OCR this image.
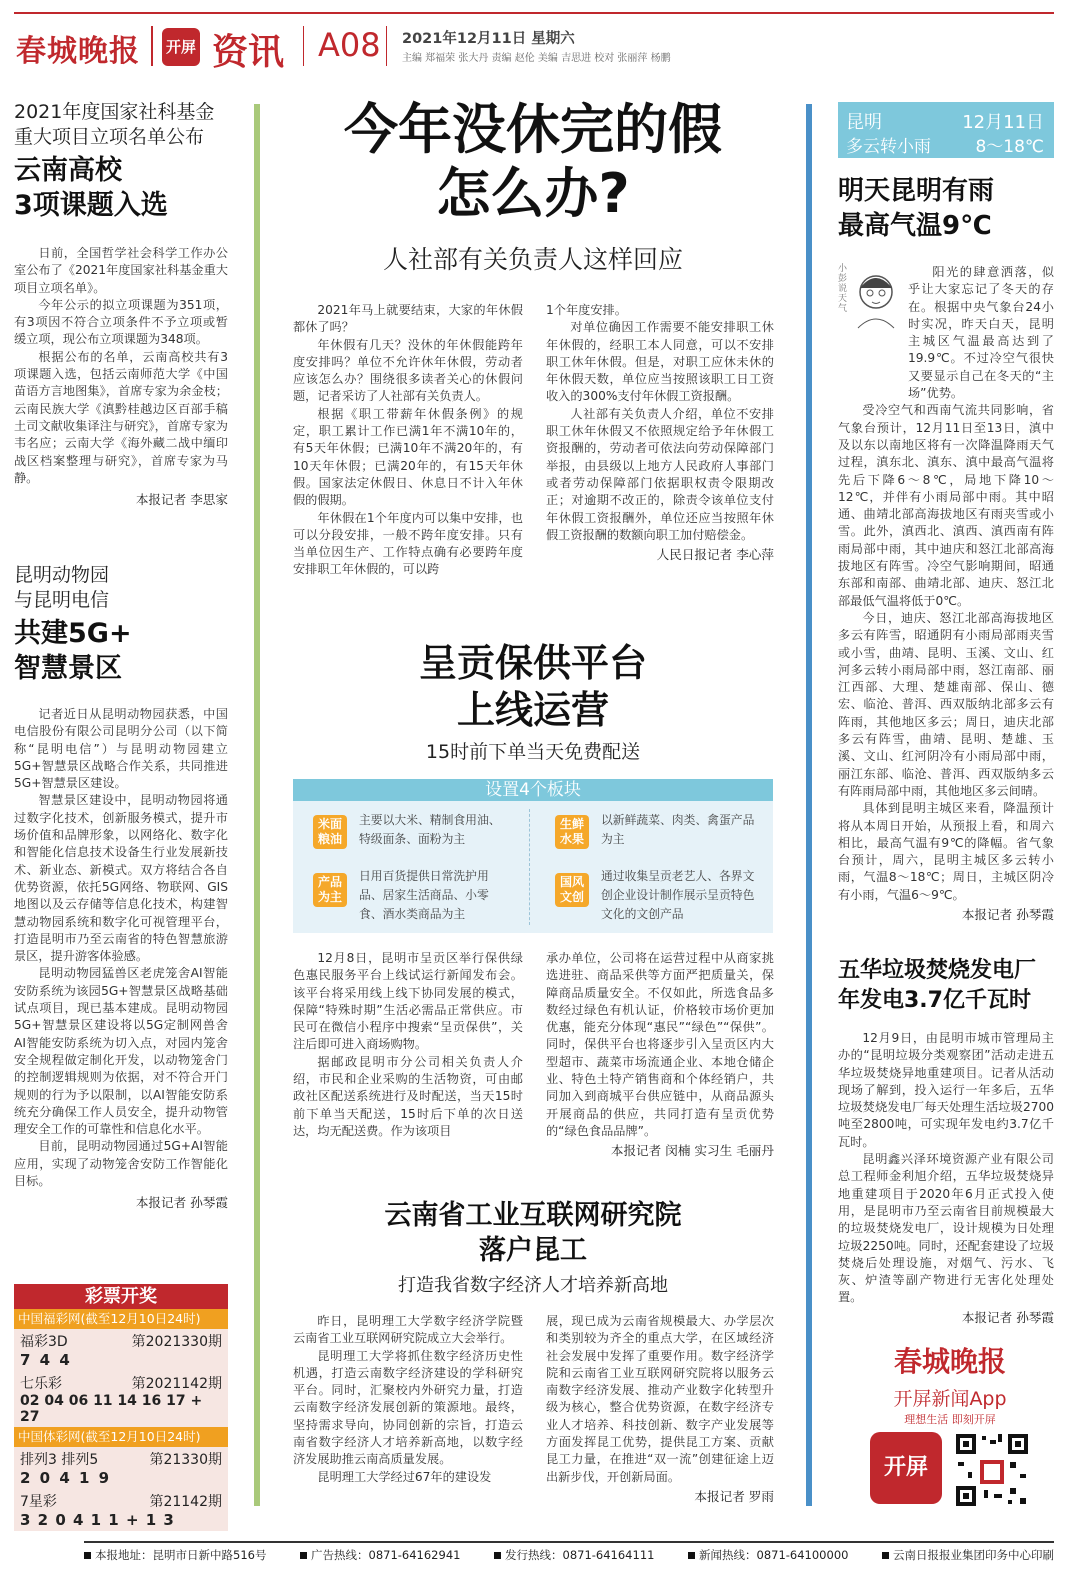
春城晚报 开屏 资讯 A08 2021年12月11日 星期六
主编 郑福荣 张大丹 责编 赵伦 美编 吉思进 校对 张丽萍 杨鹏
2021年度国家社科基金
重大项目立项名单公布
云南高校
3项课题入选

日前，全国哲学社会科学工作办公室公布了《2021年度国家社科基金重大项目立项名单》。

今年公示的拟立项课题为351项，有3项因不符合立项条件不予立项或暂缓立项，现公布立项课题为348项。

根据公布的名单，云南高校共有3项课题入选，包括云南师范大学《中国苗语方言地图集》，首席专家为余金枝；云南民族大学《滇黔桂越边区百部手稿土司文献收集译注与研究》，首席专家为韦名应；云南大学《海外藏二战中缅印战区档案整理与研究》，首席专家为马静。

本报记者 李思家
昆明动物园
与昆明电信
共建5G+
智慧景区

记者近日从昆明动物园获悉，中国电信股份有限公司昆明分公司（以下简称“昆明电信”）与昆明动物园建立5G+智慧景区战略合作关系，共同推进5G+智慧景区建设。

智慧景区建设中，昆明动物园将通过数字化技术，创新服务模式，提升市场价值和品牌形象，以网络化、数字化和智能化信息技术设备生行业发展新技术、新业态、新模式。双方将结合各自优势资源，依托5G网络、物联网、GIS地图以及云存储等信息化技术，构建智慧动物园系统和数字化可视管理平台，打造昆明市乃至云南省的特色智慧旅游景区，提升游客体验感。

昆明动物园猛兽区老虎笼舍AI智能安防系统为该园5G+智慧景区战略基础试点项目，现已基本建成。昆明动物园5G+智慧景区建设将以5G定制网兽舍AI智能安防系统为切入点，对园内笼舍安全规程做定制化开发，以动物笼舍门的控制逻辑规则为依据，对不符合开门规则的行为予以限制，以AI智能安防系统充分确保工作人员安全，提升动物管理安全工作的可靠性和信息化水平。

目前，昆明动物园通过5G+AI智能应用，实现了动物笼舍安防工作智能化目标。

本报记者 孙琴霞
彩票开奖
中国福彩网(截至12月10日24时)
福彩3D	第2021330期
7 4 4
七乐彩	第2021142期
02 04 06 11 14 16 17 + 27
中国体彩网(截至12月10日24时)
排列3 排列5	第21330期
2 0 4 1 9
7星彩	第21142期
3 2 0 4 1 1 + 1 3
今年没休完的假
怎么办?
人社部有关负责人这样回应

2021年马上就要结束，大家的年休假都休了吗？

年休假有几天？没休的年休假能跨年度安排吗？单位不允许休年休假，劳动者应该怎么办？围绕很多读者关心的休假问题，记者采访了人社部有关负责人。

根据《职工带薪年休假条例》的规定，职工累计工作已满1年不满10年的，有5天年休假；已满10年不满20年的，有10天年休假；已满20年的，有15天年休假。国家法定休假日、休息日不计入年休假的假期。

年休假在1个年度内可以集中安排，也可以分段安排，一般不跨年度安排。只有当单位因生产、工作特点确有必要跨年度安排职工年休假的，可以跨

1个年度安排。

对单位确因工作需要不能安排职工休年休假的，经职工本人同意，可以不安排职工休年休假。但是，对职工应休未休的年休假天数，单位应当按照该职工日工资收入的300%支付年休假工资报酬。

人社部有关负责人介绍，单位不安排职工休年休假又不依照规定给予年休假工资报酬的，劳动者可依法向劳动保障部门举报，由县级以上地方人民政府人事部门或者劳动保障部门依据职权责令限期改正；对逾期不改正的，除责令该单位支付年休假工资报酬外，单位还应当按照年休假工资报酬的数额向职工加付赔偿金。

人民日报记者 李心萍
呈贡保供平台
上线运营
15时前下单当天免费配送
设置4个板块
米面粮油
主要以大米、精制食用油、特级面条、面粉为主
生鲜水果
以新鲜蔬菜、肉类、禽蛋产品为主
产品为主
日用百货提供日常洗护用品、居家生活商品、小零食、酒水类商品为主
国风文创
通过收集呈贡老艺人、各界文创企业设计制作展示呈贡特色文化的文创产品

12月8日，昆明市呈贡区举行保供绿色惠民服务平台上线试运行新闻发布会。该平台将采用线上线下协同发展的模式，保障“特殊时期”生活必需品正常供应。市民可在微信小程序中搜索“呈贡保供”，关注后即可进入商场购物。

据邮政昆明市分公司相关负责人介绍，市民和企业采购的生活物资，可由邮政社区配送系统进行及时配送，当天15时前下单当天配送，15时后下单的次日送达，均无配送费。作为该项目

承办单位，公司将在运营过程中从商家挑选进驻、商品采供等方面严把质量关，保障商品质量安全。不仅如此，所选食品多数经过绿色有机认证，价格较市场价更加优惠，能充分体现“惠民”“绿色”“保供”。同时，保供平台也将逐步引入呈贡区内大型超市、蔬菜市场流通企业、本地仓储企业、特色土特产销售商和个体经销户，共同加入到商城平台供应链中，从商品源头开展商品的供应，共同打造有呈贡优势的“绿色食品品牌”。

本报记者 闵楠 实习生 毛丽丹
云南省工业互联网研究院
落户昆工
打造我省数字经济人才培养新高地

昨日，昆明理工大学数字经济学院暨云南省工业互联网研究院成立大会举行。

昆明理工大学将抓住数字经济历史性机遇，打造云南数字经济建设的学科研究平台。同时，汇聚校内外研究力量，打造云南数字经济发展创新的策源地。最终，坚持需求导向，协同创新的宗旨，打造云南省数字经济人才培养新高地，以数字经济发展助推云南高质量发展。

昆明理工大学经过67年的建设发

展，现已成为云南省规模最大、办学层次和类别较为齐全的重点大学，在区域经济社会发展中发挥了重要作用。数字经济学院和云南省工业互联网研究院将以服务云南数字经济发展、推动产业数字化转型升级为核心，整合优势资源，在数字经济专业人才培养、科技创新、数字产业发展等方面发挥昆工优势，提供昆工方案、贡献昆工力量，在推进“双一流”创建征途上迈出新步伐，开创新局面。

本报记者 罗雨
昆明	12月11日
多云转小雨	8～18℃
明天昆明有雨
最高气温9℃
小彭说天气

阳光的肆意洒落，似乎让大家忘记了冬天的存在。根据中央气象台24小时实况，昨天白天，昆明主城区气温最高达到了19.9℃。不过冷空气很快又要显示自己在冬天的“主场”优势。

受冷空气和西南气流共同影响，省气象台预计，12月11日至13日，滇中及以东以南地区将有一次降温降雨天气过程，滇东北、滇东、滇中最高气温将先后下降6～8℃，局地下降10～12℃，并伴有小雨局部中雨。其中昭通、曲靖北部高海拔地区有雨夹雪或小雪。此外，滇西北、滇西、滇西南有阵雨局部中雨，其中迪庆和怒江北部高海拔地区有阵雪。冷空气影响期间，昭通东部和南部、曲靖北部、迪庆、怒江北部最低气温将低于0℃。

今日，迪庆、怒江北部高海拔地区多云有阵雪，昭通阴有小雨局部雨夹雪或小雪，曲靖、昆明、玉溪、文山、红河多云转小雨局部中雨，怒江南部、丽江西部、大理、楚雄南部、保山、德宏、临沧、普洱、西双版纳北部多云有阵雨，其他地区多云；周日，迪庆北部多云有阵雪，曲靖、昆明、楚雄、玉溪、文山、红河阴冷有小雨局部中雨，丽江东部、临沧、普洱、西双版纳多云有阵雨局部中雨，其他地区多云间晴。

具体到昆明主城区来看，降温预计将从本周日开始，从预报上看，和周六相比，最高气温有9℃的降幅。省气象台预计，周六，昆明主城区多云转小雨，气温8～18℃；周日，主城区阴冷有小雨，气温6～9℃。

本报记者 孙琴霞
五华垃圾焚烧发电厂
年发电3.7亿千瓦时

12月9日，由昆明市城市管理局主办的“昆明垃圾分类观察团”活动走进五华垃圾焚烧异地重建项目。记者从活动现场了解到，投入运行一年多后，五华垃圾焚烧发电厂每天处理生活垃圾2700吨至2800吨，可实现年发电约3.7亿千瓦时。

昆明鑫兴泽环境资源产业有限公司总工程师金利旭介绍，五华垃圾焚烧异地重建项目于2020年6月正式投入使用，是昆明市乃至云南省目前规模最大的垃圾焚烧发电厂，设计规模为日处理垃圾2250吨。同时，还配套建设了垃圾焚烧后处理设施，对烟气、污水、飞灰、炉渣等副产物进行无害化处理处置。

本报记者 孙琴霞
春城晚报
开屏新闻App
理想生活 即刻开屏
开屏
本报地址：昆明市日新中路516号	广告热线：0871-64162941	发行热线：0871-64164111	新闻热线：0871-64100000	云南日报报业集团印务中心印刷
